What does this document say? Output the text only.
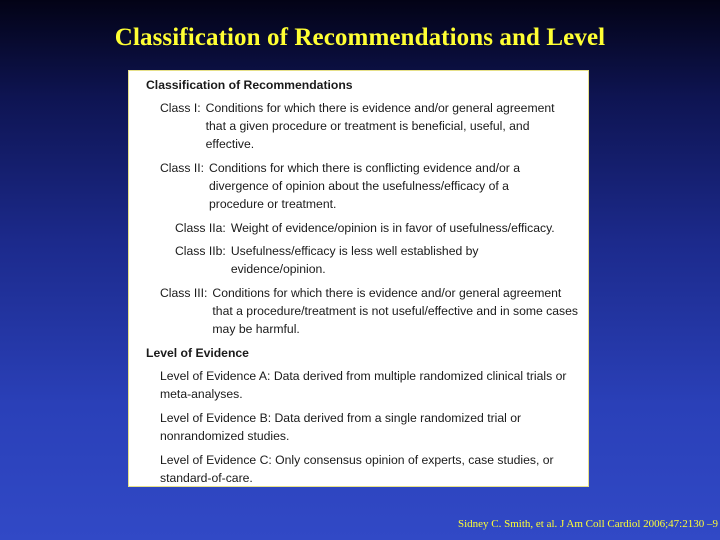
Classification of Recommendations and Level
Classification of Recommendations
Class I: Conditions for which there is evidence and/or general agreement that a given procedure or treatment is beneficial, useful, and effective.
Class II: Conditions for which there is conflicting evidence and/or a divergence of opinion about the usefulness/efficacy of a procedure or treatment.
Class IIa: Weight of evidence/opinion is in favor of usefulness/efficacy.
Class IIb: Usefulness/efficacy is less well established by evidence/opinion.
Class III: Conditions for which there is evidence and/or general agreement that a procedure/treatment is not useful/effective and in some cases may be harmful.
Level of Evidence
Level of Evidence A: Data derived from multiple randomized clinical trials or meta-analyses.
Level of Evidence B: Data derived from a single randomized trial or nonrandomized studies.
Level of Evidence C: Only consensus opinion of experts, case studies, or standard-of-care.
Sidney C. Smith, et al. J Am Coll Cardiol 2006;47:2130 –9
